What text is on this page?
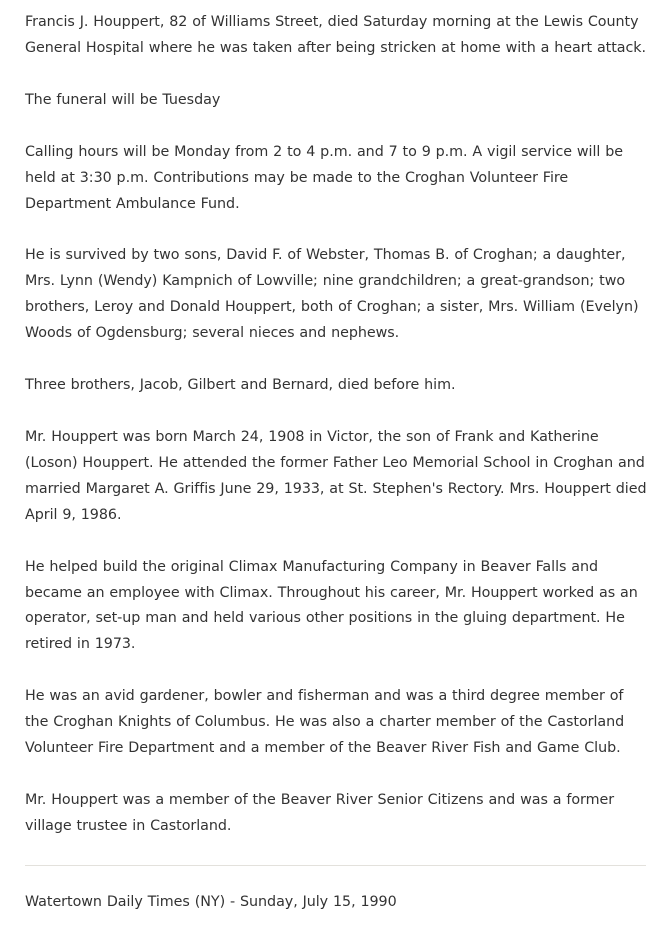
Francis J. Houppert, 82 of Williams Street, died Saturday morning at the Lewis County General Hospital where he was taken after being stricken at home with a heart attack.

The funeral will be Tuesday

Calling hours will be Monday from 2 to 4 p.m. and 7 to 9 p.m. A vigil service will be held at 3:30 p.m. Contributions may be made to the Croghan Volunteer Fire Department Ambulance Fund.

He is survived by two sons, David F. of Webster, Thomas B. of Croghan; a daughter, Mrs. Lynn (Wendy) Kampnich of Lowville; nine grandchildren; a great-grandson; two brothers, Leroy and Donald Houppert, both of Croghan; a sister, Mrs. William (Evelyn) Woods of Ogdensburg; several nieces and nephews.

Three brothers, Jacob, Gilbert and Bernard, died before him.

Mr. Houppert was born March 24, 1908 in Victor, the son of Frank and Katherine (Loson) Houppert. He attended the former Father Leo Memorial School in Croghan and married Margaret A. Griffis June 29, 1933, at St. Stephen's Rectory. Mrs. Houppert died April 9, 1986.

He helped build the original Climax Manufacturing Company in Beaver Falls and became an employee with Climax. Throughout his career, Mr. Houppert worked as an operator, set-up man and held various other positions in the gluing department. He retired in 1973.

He was an avid gardener, bowler and fisherman and was a third degree member of the Croghan Knights of Columbus. He was also a charter member of the Castorland Volunteer Fire Department and a member of the Beaver River Fish and Game Club.

Mr. Houppert was a member of the Beaver River Senior Citizens and was a former village trustee in Castorland.

Watertown Daily Times (NY) - Sunday, July 15, 1990
